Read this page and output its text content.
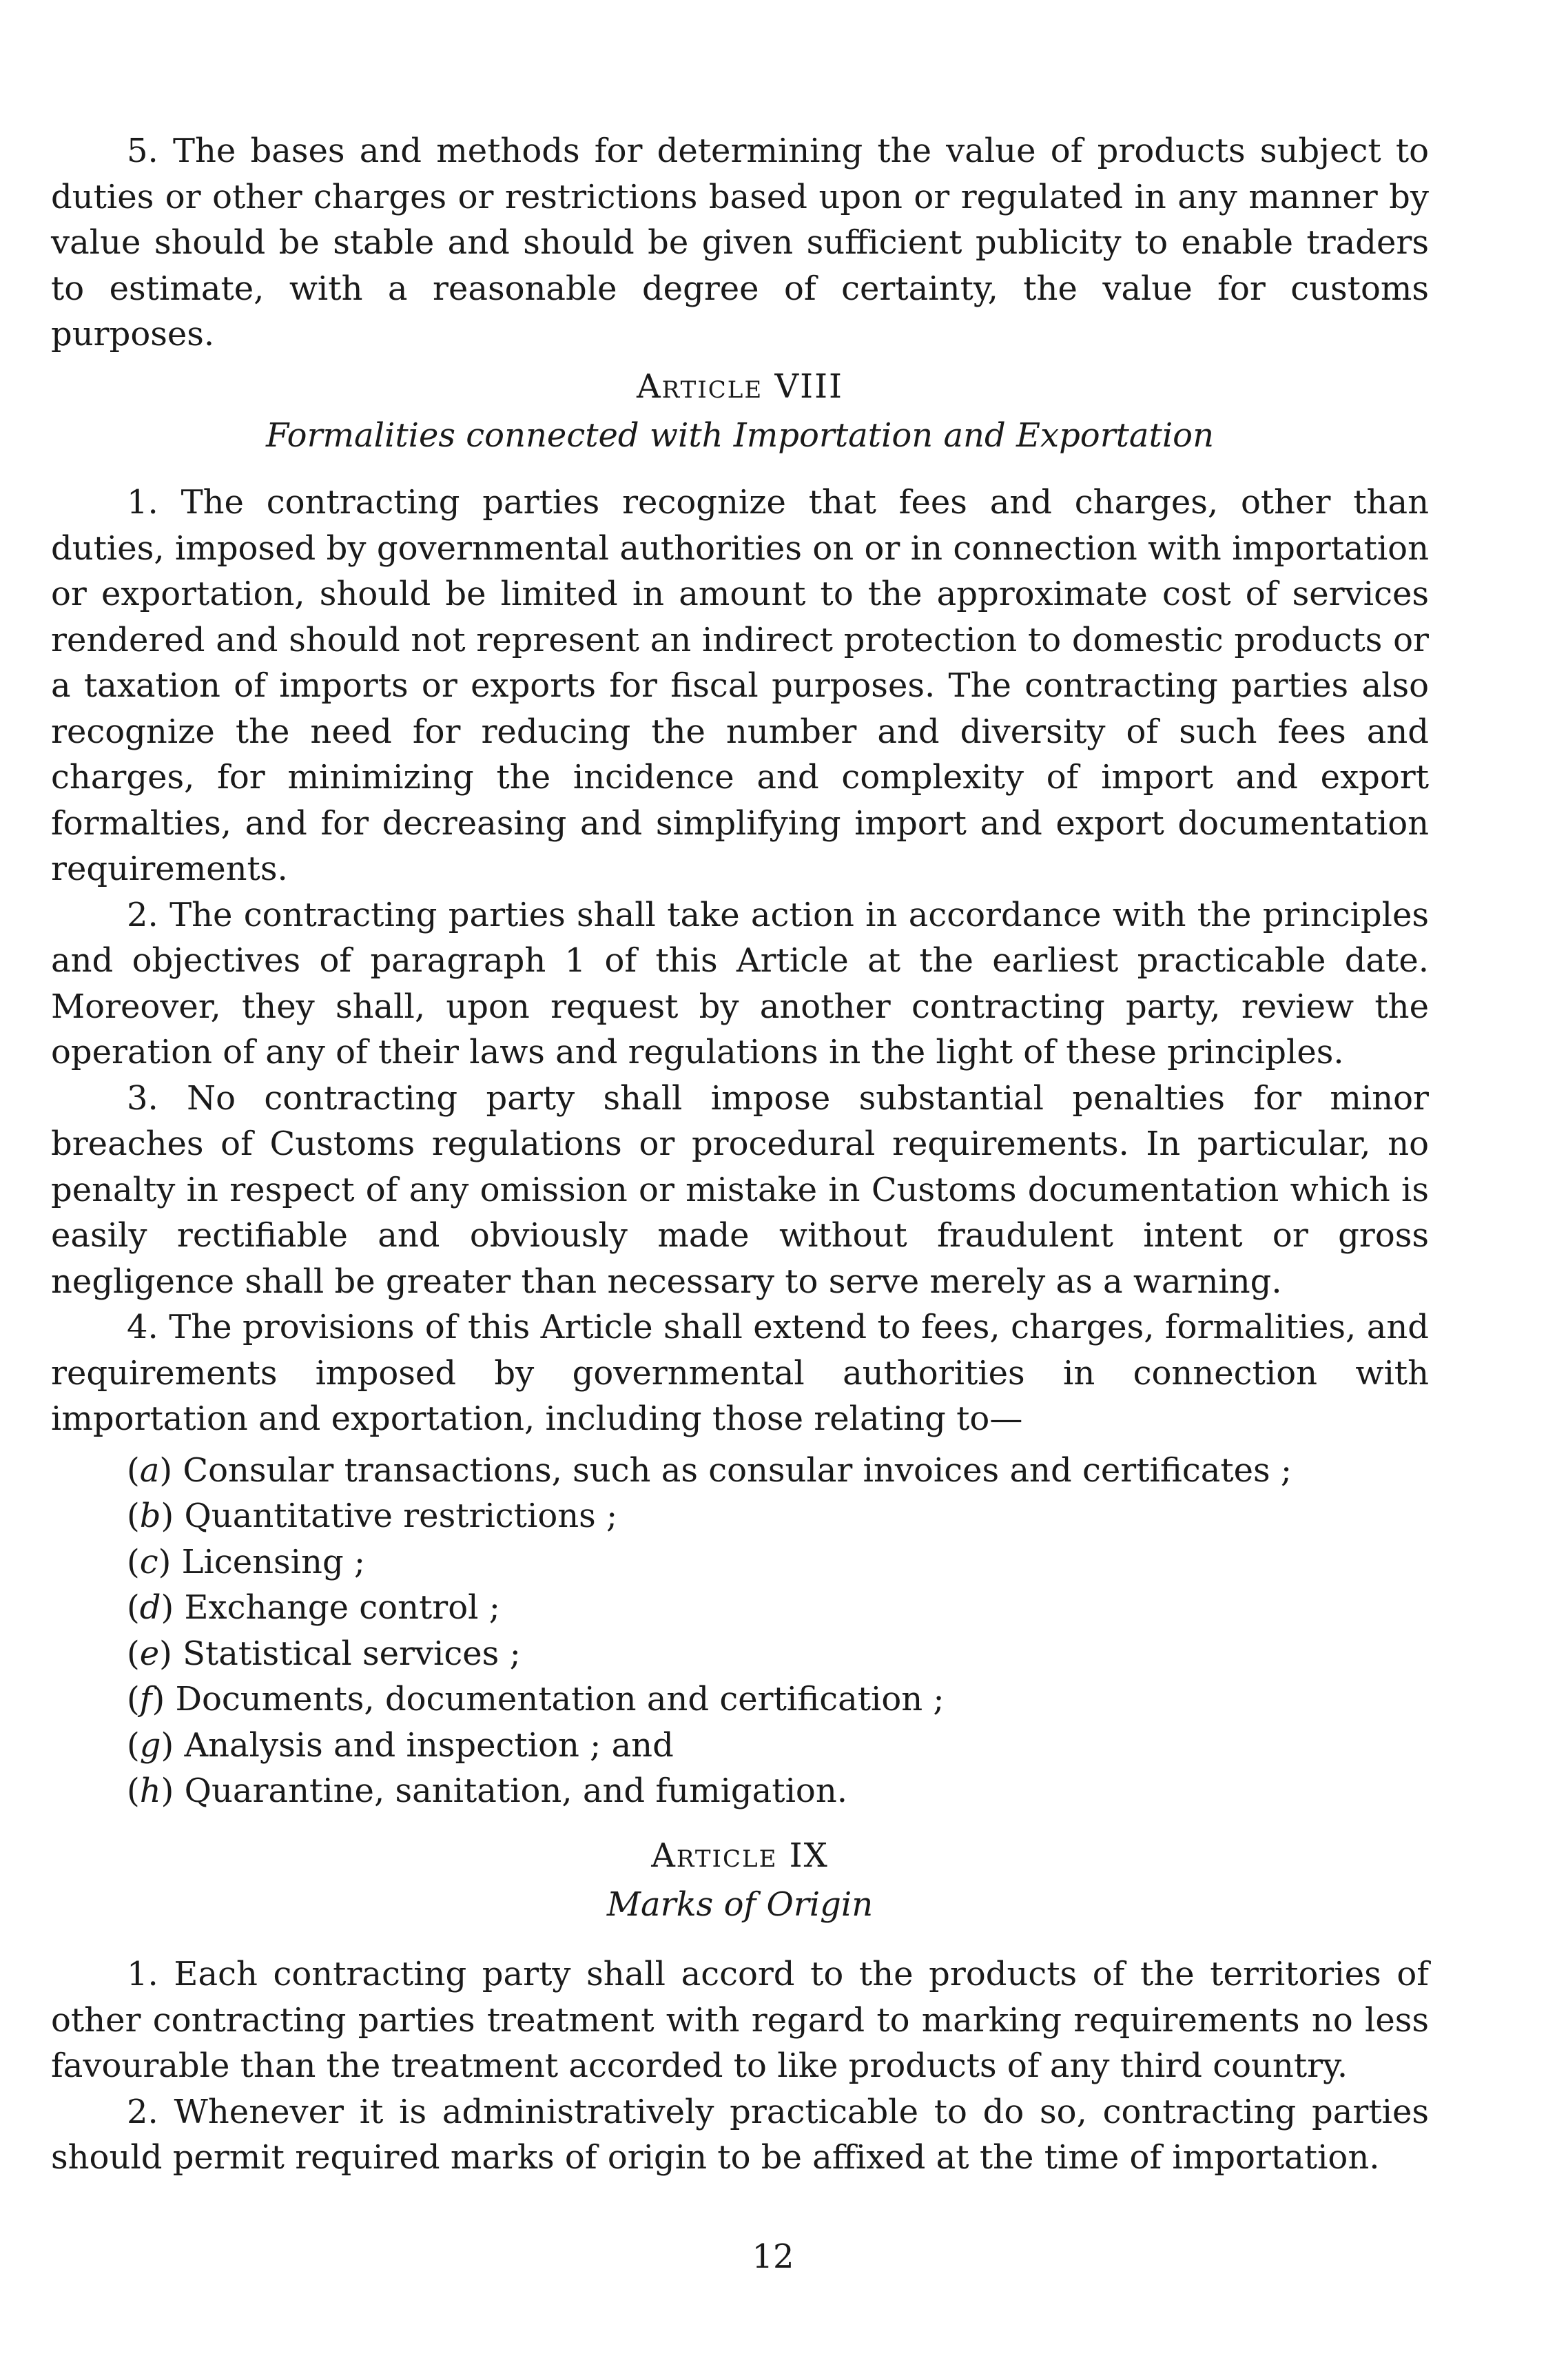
5. The bases and methods for determining the value of products subject to duties or other charges or restrictions based upon or regulated in any manner by value should be stable and should be given sufficient publicity to enable traders to estimate, with a reasonable degree of certainty, the value for customs purposes.

Article VIII

Formalities connected with Importation and Exportation

1. The contracting parties recognize that fees and charges, other than duties, imposed by governmental authorities on or in connection with importation or exportation, should be limited in amount to the approximate cost of services rendered and should not represent an indirect protection to domestic products or a taxation of imports or exports for fiscal purposes. The contracting parties also recognize the need for reducing the number and diversity of such fees and charges, for minimizing the incidence and complexity of import and export formalties, and for decreasing and simplifying import and export documentation requirements.

2. The contracting parties shall take action in accordance with the principles and objectives of paragraph 1 of this Article at the earliest practicable date. Moreover, they shall, upon request by another contracting party, review the operation of any of their laws and regulations in the light of these principles.

3. No contracting party shall impose substantial penalties for minor breaches of Customs regulations or procedural requirements. In particular, no penalty in respect of any omission or mistake in Customs documentation which is easily rectifiable and obviously made without fraudulent intent or gross negligence shall be greater than necessary to serve merely as a warning.

4. The provisions of this Article shall extend to fees, charges, formalities, and requirements imposed by governmental authorities in connection with importation and exportation, including those relating to—

(a) Consular transactions, such as consular invoices and certificates ;
(b) Quantitative restrictions ;
(c) Licensing ;
(d) Exchange control ;
(e) Statistical services ;
(f) Documents, documentation and certification ;
(g) Analysis and inspection ; and
(h) Quarantine, sanitation, and fumigation.

Article IX

Marks of Origin

1. Each contracting party shall accord to the products of the territories of other contracting parties treatment with regard to marking requirements no less favourable than the treatment accorded to like products of any third country.

2. Whenever it is administratively practicable to do so, contracting parties should permit required marks of origin to be affixed at the time of importation.

12
